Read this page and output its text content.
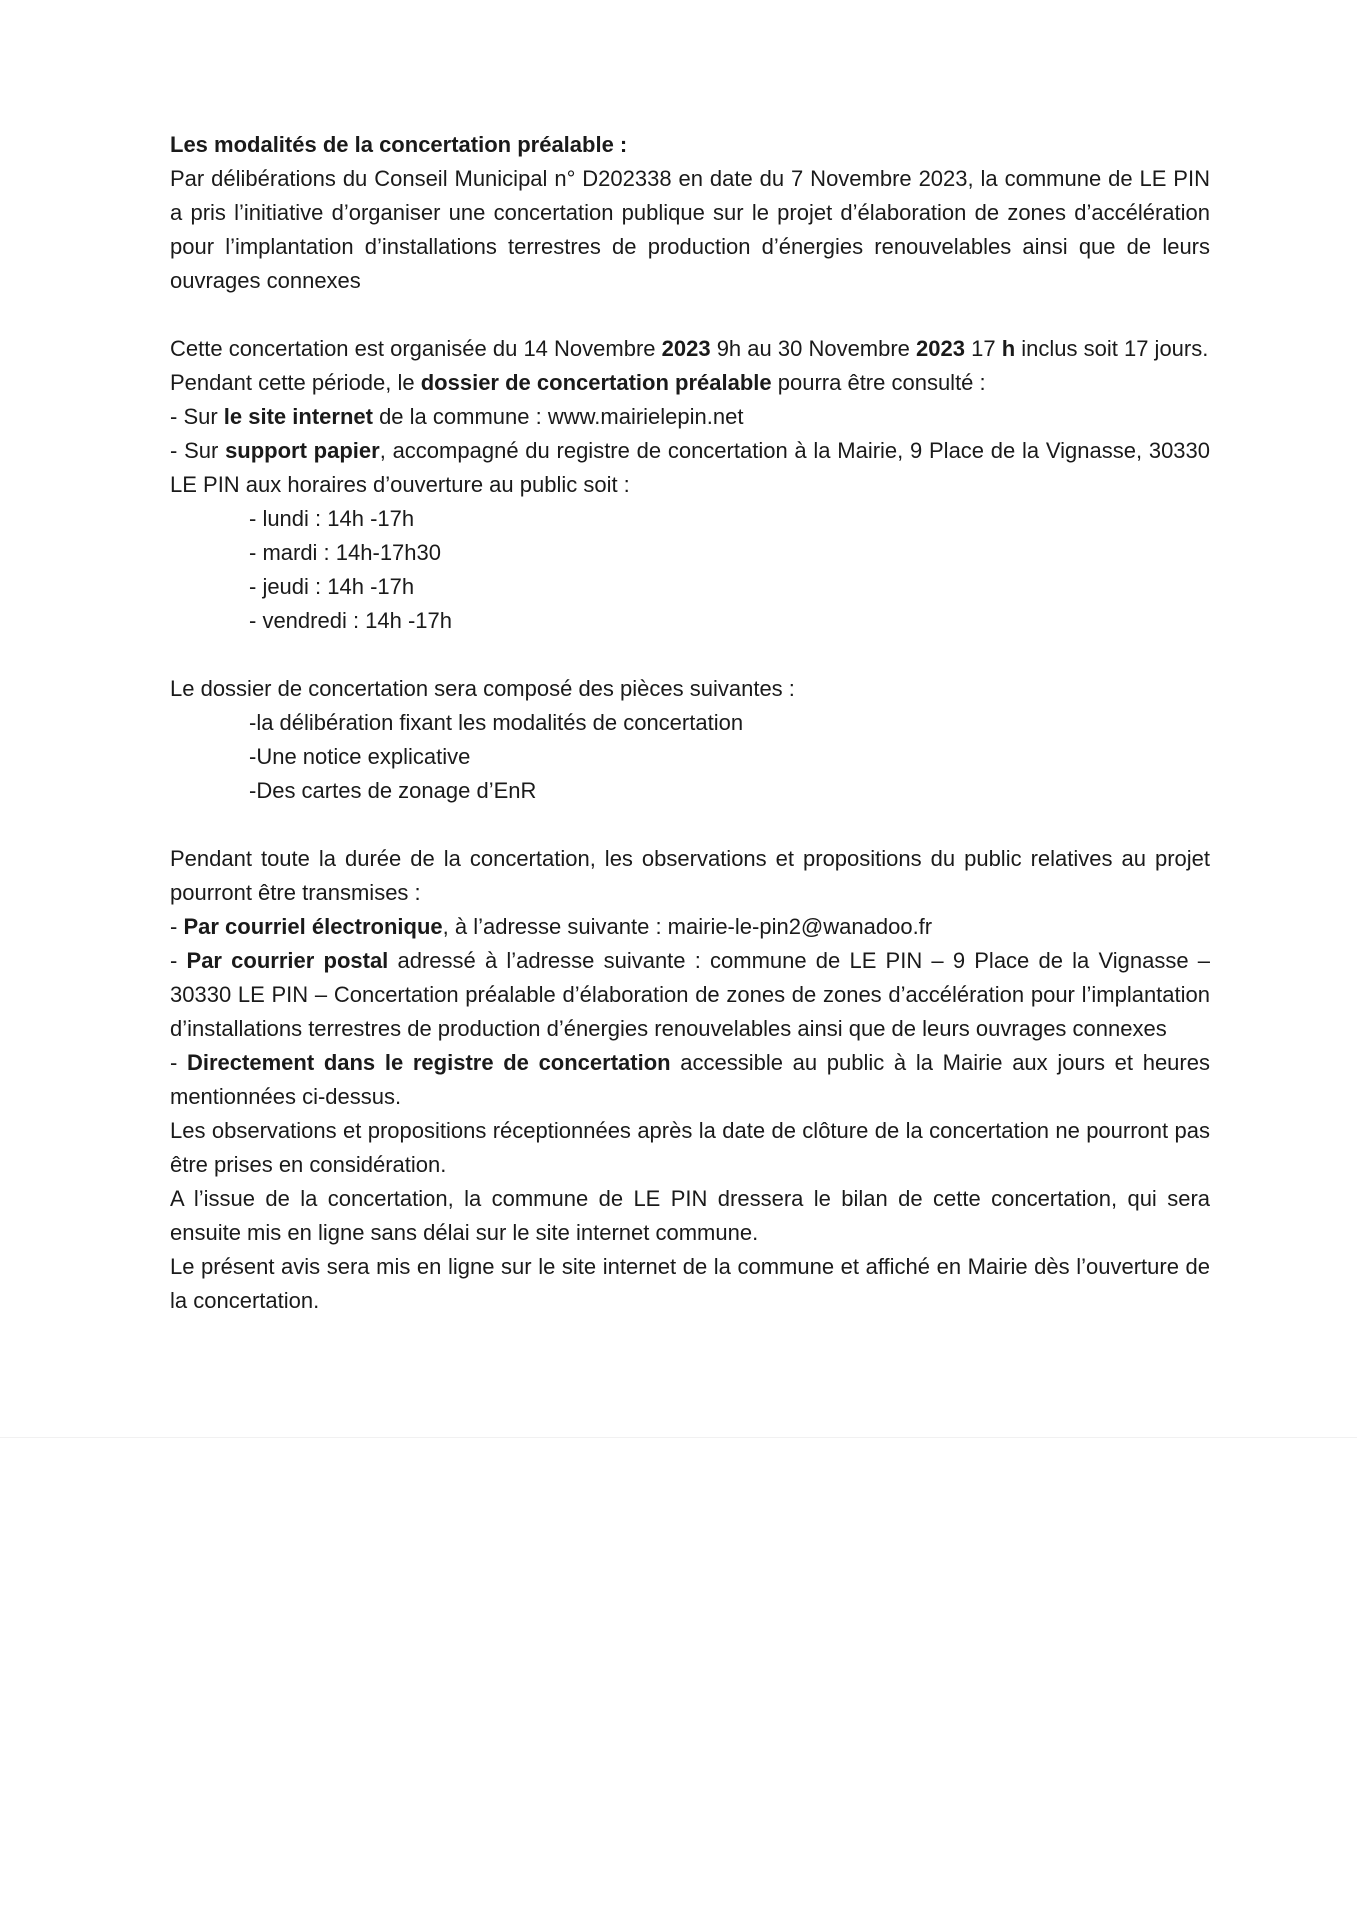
Les modalités de la concertation préalable :

Par délibérations du Conseil Municipal n° D202338 en date du 7 Novembre 2023, la commune de LE PIN a pris l’initiative d’organiser une concertation publique sur le projet d’élaboration de zones d’accélération pour l’implantation d’installations terrestres de production d’énergies renouvelables ainsi que de leurs ouvrages connexes

Cette concertation est organisée du 14 Novembre 2023 9h au 30 Novembre 2023 17 h inclus soit 17 jours.

Pendant cette période, le dossier de concertation préalable pourra être consulté :

- Sur le site internet de la commune : www.mairielepin.net

- Sur support papier, accompagné du registre de concertation à la Mairie, 9 Place de la Vignasse, 30330 LE PIN aux horaires d’ouverture au public soit :

- lundi : 14h -17h

- mardi : 14h-17h30

- jeudi : 14h -17h

- vendredi : 14h -17h

Le dossier de concertation sera composé des pièces suivantes :

-la délibération fixant les modalités de concertation

-Une notice explicative

-Des cartes de zonage d’EnR

Pendant toute la durée de la concertation, les observations et propositions du public relatives au projet pourront être transmises :

- Par courriel électronique, à l’adresse suivante : mairie-le-pin2@wanadoo.fr

- Par courrier postal adressé à l’adresse suivante : commune de LE PIN – 9 Place de la Vignasse – 30330 LE PIN – Concertation préalable d’élaboration de zones de zones d’accélération pour l’implantation d’installations terrestres de production d’énergies renouvelables ainsi que de leurs ouvrages connexes

- Directement dans le registre de concertation accessible au public à la Mairie aux jours et heures mentionnées ci-dessus.

Les observations et propositions réceptionnées après la date de clôture de la concertation ne pourront pas être prises en considération.

A l’issue de la concertation, la commune de LE PIN dressera le bilan de cette concertation, qui sera ensuite mis en ligne sans délai sur le site internet commune.

Le présent avis sera mis en ligne sur le site internet de la commune et affiché en Mairie dès l’ouverture de la concertation.
